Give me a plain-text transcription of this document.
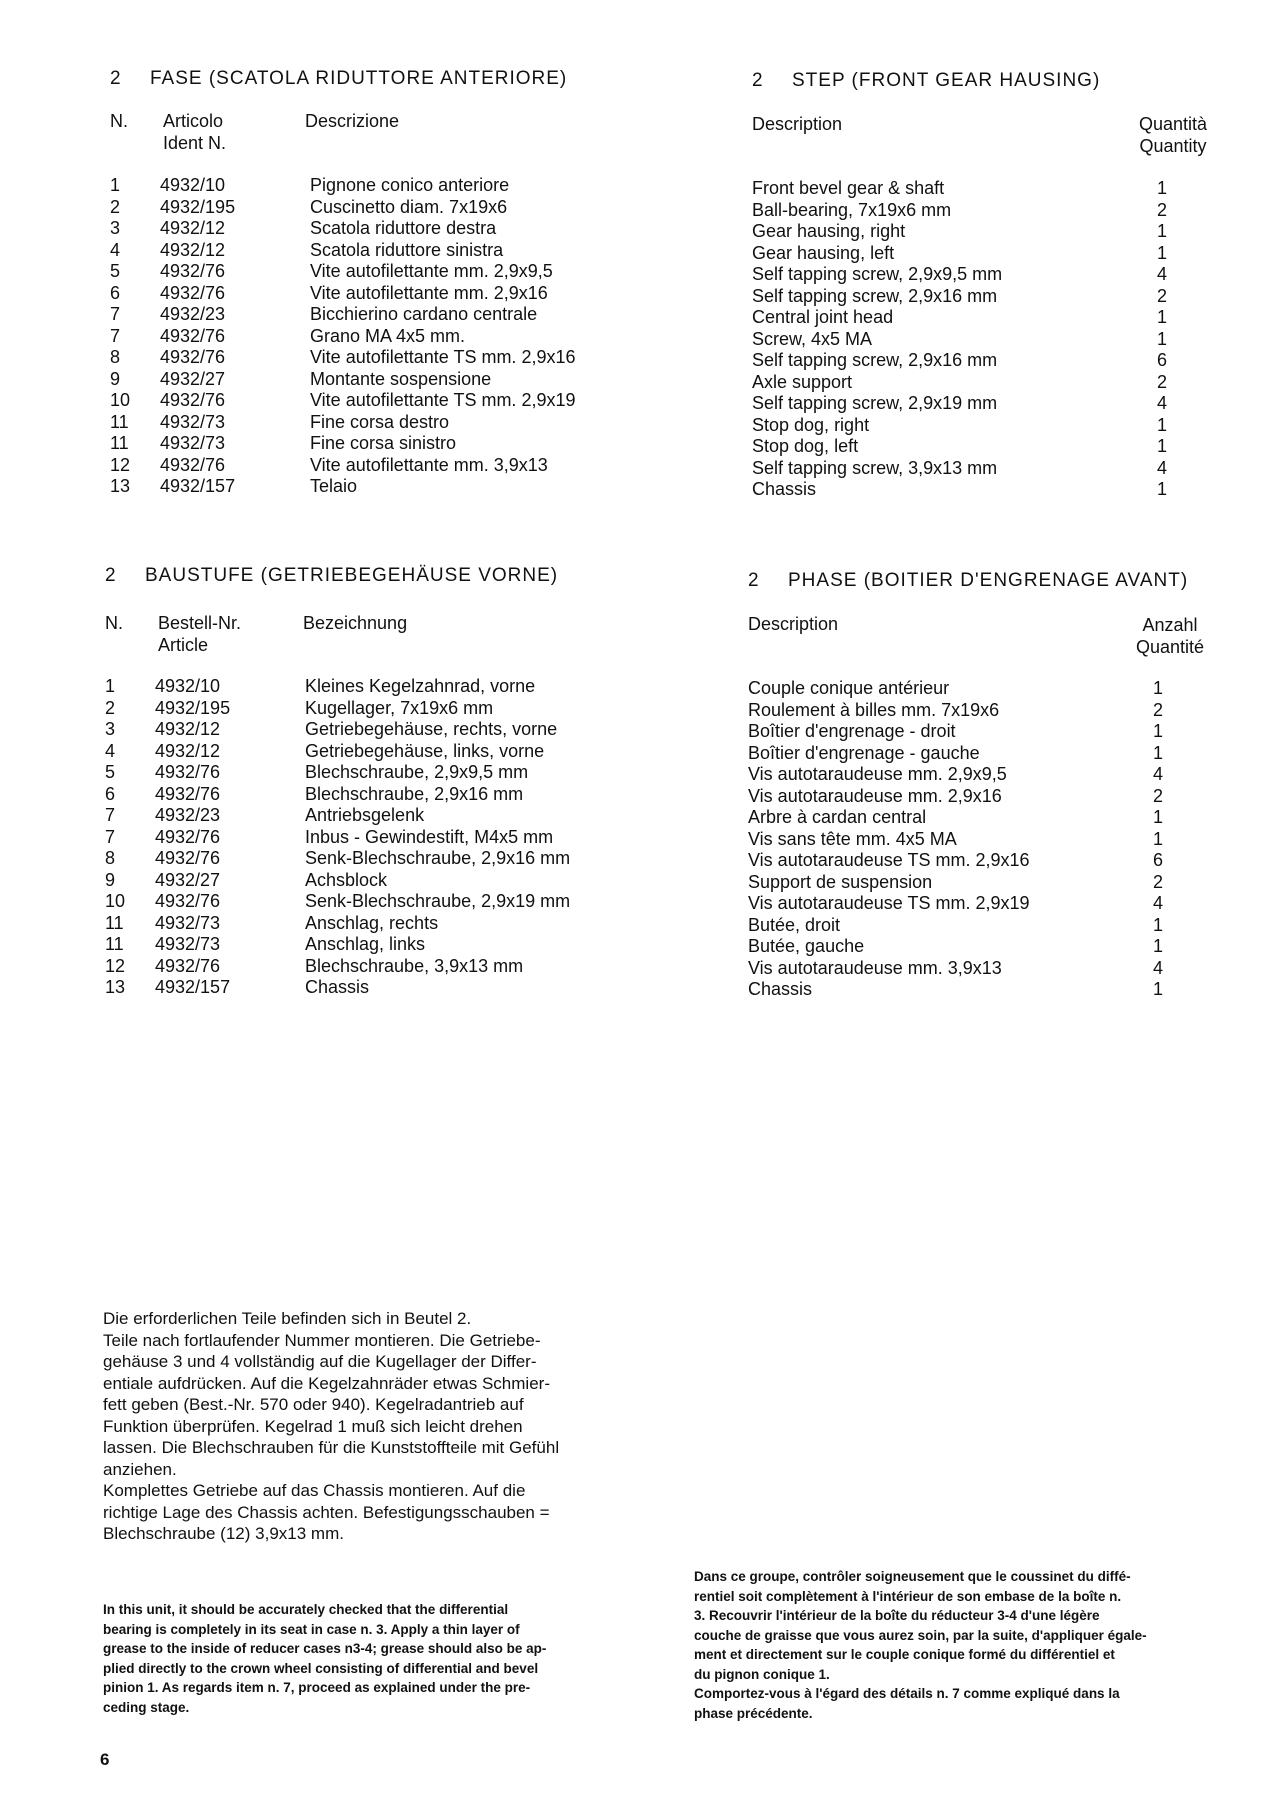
2 FASE (SCATOLA RIDUTTORE ANTERIORE)
N. Articolo
Ident N.
Descrizione
1 4932/10	Pignone conico anteriore
2 4932/195	Cuscinetto diam. 7x19x6
3 4932/12	Scatola riduttore destra
4 4932/12	Scatola riduttore sinistra
5 4932/76	Vite autofilettante mm. 2,9x9,5
6 4932/76	Vite autofilettante mm. 2,9x16
7 4932/23	Bicchierino cardano centrale
7 4932/76	Grano MA 4x5 mm.
8 4932/76	Vite autofilettante TS mm. 2,9x16
9 4932/27	Montante sospensione
10 4932/76	Vite autofilettante TS mm. 2,9x19
11 4932/73	Fine corsa destro
11 4932/73	Fine corsa sinistro
12 4932/76	Vite autofilettante mm. 3,9x13
13 4932/157	Telaio
2 STEP (FRONT GEAR HAUSING)
Description	Quantità
Quantity
Front bevel gear & shaft	1
Ball-bearing, 7x19x6 mm	2
Gear hausing, right	1
Gear hausing, left	1
Self tapping screw, 2,9x9,5 mm	4
Self tapping screw, 2,9x16 mm	2
Central joint head	1
Screw, 4x5 MA	1
Self tapping screw, 2,9x16 mm	6
Axle support	2
Self tapping screw, 2,9x19 mm	4
Stop dog, right	1
Stop dog, left	1
Self tapping screw, 3,9x13 mm	4
Chassis	1
2 BAUSTUFE (GETRIEBEGEHÄUSE VORNE)
N. Bestell-Nr.
Article
Bezeichnung
1 4932/10	Kleines Kegelzahnrad, vorne
2 4932/195	Kugellager, 7x19x6 mm
3 4932/12	Getriebegehäuse, rechts, vorne
4 4932/12	Getriebegehäuse, links, vorne
5 4932/76	Blechschraube, 2,9x9,5 mm
6 4932/76	Blechschraube, 2,9x16 mm
7 4932/23	Antriebsgelenk
7 4932/76	Inbus - Gewindestift, M4x5 mm
8 4932/76	Senk-Blechschraube, 2,9x16 mm
9 4932/27	Achsblock
10 4932/76	Senk-Blechschraube, 2,9x19 mm
11 4932/73	Anschlag, rechts
11 4932/73	Anschlag, links
12 4932/76	Blechschraube, 3,9x13 mm
13 4932/157	Chassis
2 PHASE (BOITIER D'ENGRENAGE AVANT)
Description	Anzahl
Quantité
Couple conique antérieur	1
Roulement à billes mm. 7x19x6	2
Boîtier d'engrenage - droit	1
Boîtier d'engrenage - gauche	1
Vis autotaraudeuse mm. 2,9x9,5	4
Vis autotaraudeuse mm. 2,9x16	2
Arbre à cardan central	1
Vis sans tête mm. 4x5 MA	1
Vis autotaraudeuse TS mm. 2,9x16	6
Support de suspension	2
Vis autotaraudeuse TS mm. 2,9x19	4
Butée, droit	1
Butée, gauche	1
Vis autotaraudeuse mm. 3,9x13	4
Chassis	1

Die erforderlichen Teile befinden sich in Beutel 2.

Teile nach fortlaufender Nummer montieren. Die Getriebe-

gehäuse 3 und 4 vollständig auf die Kugellager der Differ-

entiale aufdrücken. Auf die Kegelzahnräder etwas Schmier-

fett geben (Best.-Nr. 570 oder 940). Kegelradantrieb auf

Funktion überprüfen. Kegelrad 1 muß sich leicht drehen

lassen. Die Blechschrauben für die Kunststoffteile mit Gefühl

anziehen.

Komplettes Getriebe auf das Chassis montieren. Auf die

richtige Lage des Chassis achten. Befestigungsschauben =

Blechschraube (12) 3,9x13 mm.

In this unit, it should be accurately checked that the differential

bearing is completely in its seat in case n. 3. Apply a thin layer of

grease to the inside of reducer cases n3-4; grease should also be ap-

plied directly to the crown wheel consisting of differential and bevel

pinion 1. As regards item n. 7, proceed as explained under the pre-

ceding stage.

Dans ce groupe, contrôler soigneusement que le coussinet du diffé-

rentiel soit complètement à l'intérieur de son embase de la boîte n.

3. Recouvrir l'intérieur de la boîte du réducteur 3-4 d'une légère

couche de graisse que vous aurez soin, par la suite, d'appliquer égale-

ment et directement sur le couple conique formé du différentiel et

du pignon conique 1.

Comportez-vous à l'égard des détails n. 7 comme expliqué dans la

phase précédente.

6
